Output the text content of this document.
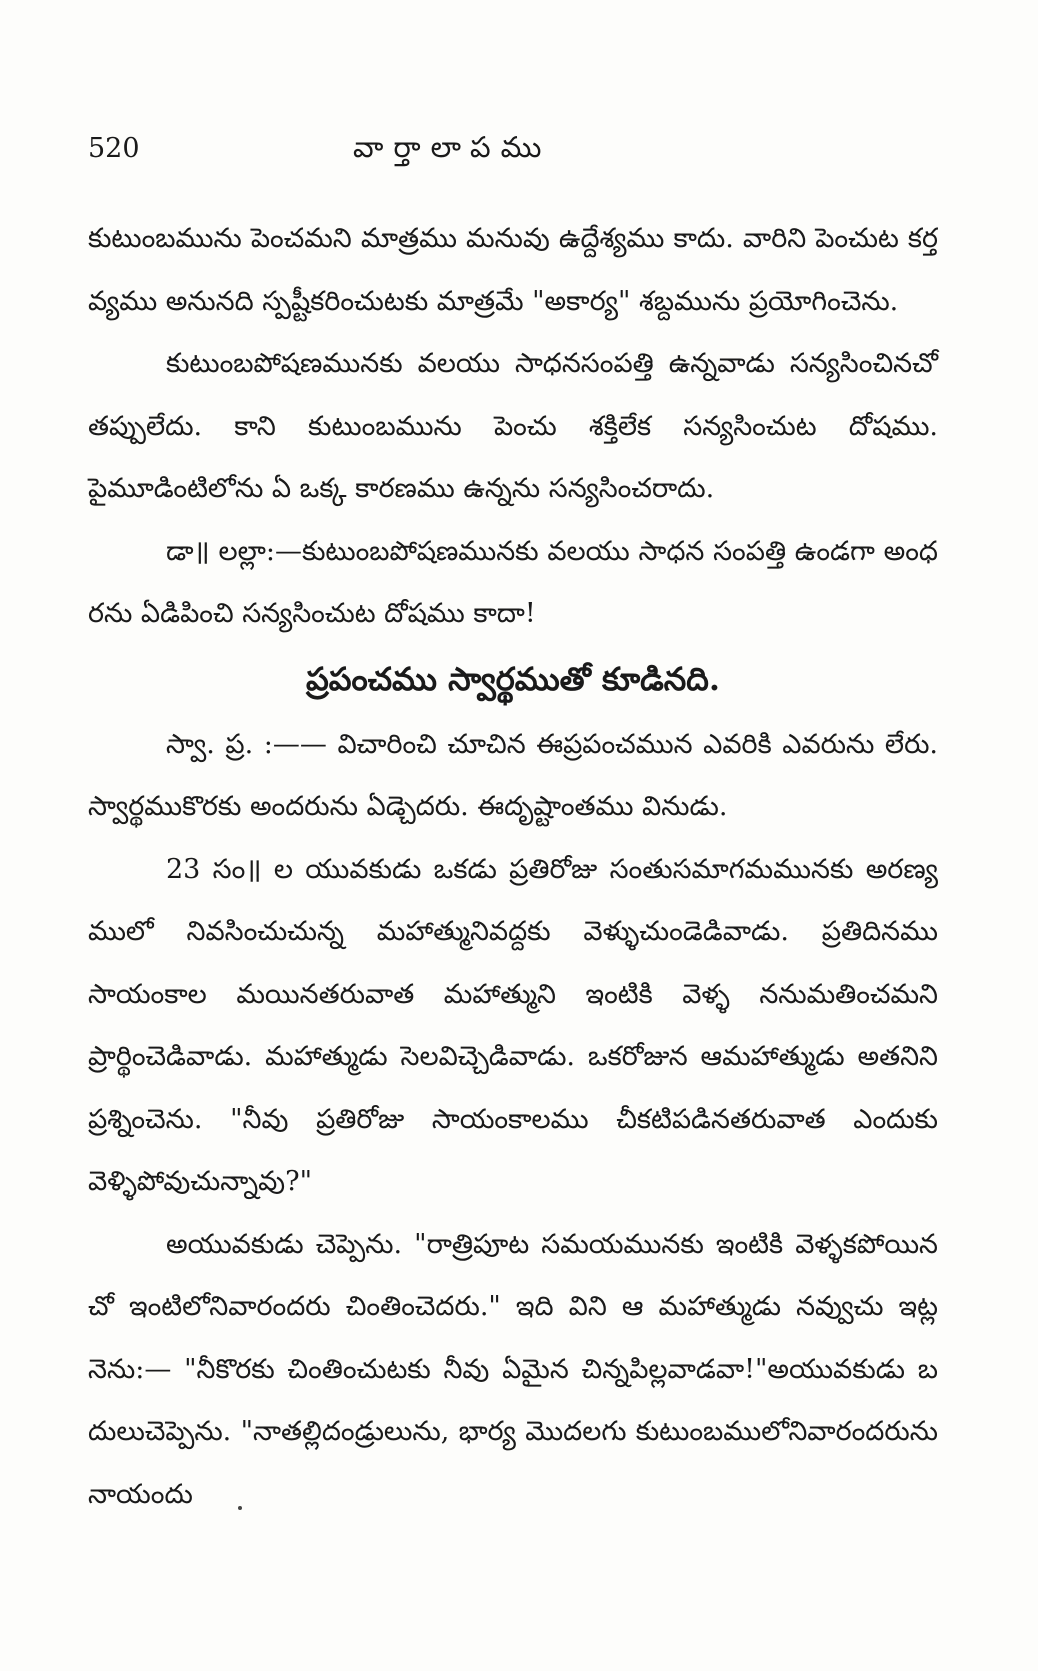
520	వార్తాలాపము

కుటుంబమును పెంచమని మాత్రము మనువు ఉద్దేశ్యము కాదు. వారిని పెంచుట కర్తవ్యము అనునది స్పష్టీకరించుటకు మాత్రమే "అకార్య" శబ్దమును ప్రయోగించెను.

కుటుంబపోషణమునకు వలయు సాధనసంపత్తి ఉన్నవాడు సన్యసించినచో తప్పులేదు. కాని కుటుంబమును పెంచు శక్తిలేక సన్యసించుట దోషము. పైమూడింటిలోను ఏ ఒక్క కారణము ఉన్నను సన్యసించరాదు.

డా॥ లల్లా:—కుటుంబపోషణమునకు వలయు సాధన సంపత్తి ఉండగా అంధరను ఏడిపించి సన్యసించుట దోషము కాదా!

ప్రపంచము స్వార్థముతో కూడినది.

స్వా. ప్ర. :—— విచారించి చూచిన ఈప్రపంచమున ఎవరికి ఎవరును లేరు. స్వార్థముకొరకు అందరును ఏడ్చెదరు. ఈదృష్టాంతము వినుడు.

23 సం॥ ల యువకుడు ఒకడు ప్రతిరోజు సంతుసమాగమమునకు అరణ్యములో నివసించుచున్న మహాత్మునివద్దకు వెళ్ళుచుండెడివాడు. ప్రతిదినము సాయంకాల మయినతరువాత మహాత్ముని ఇంటికి వెళ్ళ ననుమతించమని ప్రార్థించెడివాడు. మహాత్ముడు సెలవిచ్చెడివాడు. ఒకరోజున ఆమహాత్ముడు అతనిని ప్రశ్నించెను. "నీవు ప్రతిరోజు సాయంకాలము చీకటిపడినతరువాత ఎందుకు వెళ్ళిపోవుచున్నావు?"

అయువకుడు చెప్పెను. "రాత్రిపూట సమయమునకు ఇంటికి వెళ్ళకపోయినచో ఇంటిలోనివారందరు చింతించెదరు." ఇది విని ఆ మహాత్ముడు నవ్వుచు ఇట్లనెను:— "నీకొరకు చింతించుటకు నీవు ఏమైన చిన్నపిల్లవాడవా!"అయువకుడు బదులుచెప్పెను. "నాతల్లిదండ్రులును, భార్య మొదలగు కుటుంబములోనివారందరును నాయందు
